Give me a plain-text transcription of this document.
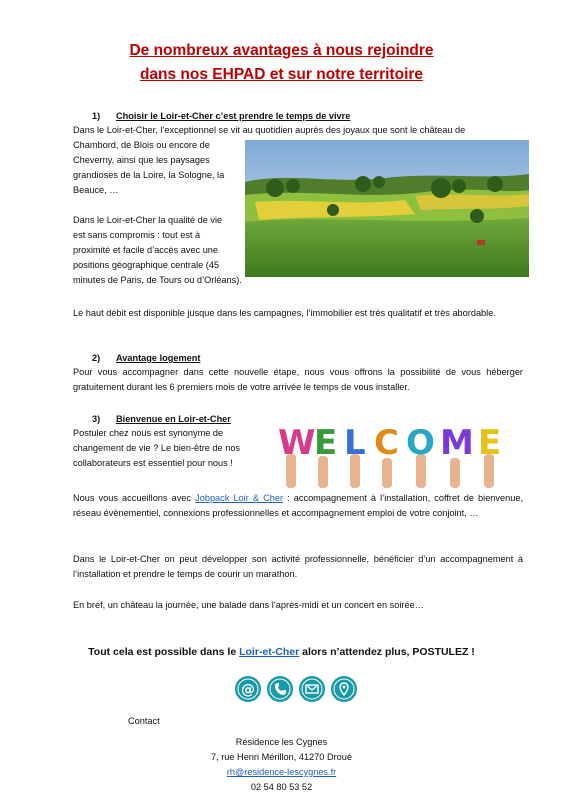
De nombreux avantages à nous rejoindre
dans nos EHPAD et sur notre territoire
1) Choisir le Loir-et-Cher c’est prendre le temps de vivre

Dans le Loir-et-Cher, l’exceptionnel se vit au quotidien auprès des joyaux que sont le château de

Chambord, de Blois ou encore de

Cheverny, ainsi que les paysages

grandioses de la Loire, la Sologne, la

Beauce, …

Dans le Loir-et-Cher la qualité de vie

est sans compromis : tout est à

proximité et facile d’accès avec une

positions géographique centrale (45

minutes de Paris, de Tours ou d’Orléans).

Le haut débit est disponible jusque dans les campagnes, l’immobilier est très qualitatif et très abordable.

2) Avantage logement

Pour vous accompagner dans cette nouvelle étape, nous vous offrons la possibilité de vous héberger gratuitement durant les 6 premiers mois de votre arrivée le temps de vous installer.

3) Bienvenue en Loir-et-Cher

Postuler chez nous est synonyme de

changement de vie ? Le bien-être de nos

collaborateurs est essentiel pour nous !	W
E L C O M E

Nous vous accueillons avec Jobpack Loir & Cher : accompagnement à l’installation, coffret de bienvenue, réseau évènementiel, connexions professionnelles et accompagnement emploi de votre conjoint, …

Dans le Loir-et-Cher on peut développer son activité professionnelle, bénéficier d’un accompagnement à l’installation et prendre le temps de courir un marathon.

En bref, un château la journée, une balade dans l’après-midi et un concert en soirée…

Tout cela est possible dans le Loir-et-Cher alors n’attendez plus, POSTULEZ !
@
Contact
Résidence les Cygnes
7, rue Henri Mérillon, 41270 Droué
rh@residence-lescygnes.fr
02 54 80 53 52
